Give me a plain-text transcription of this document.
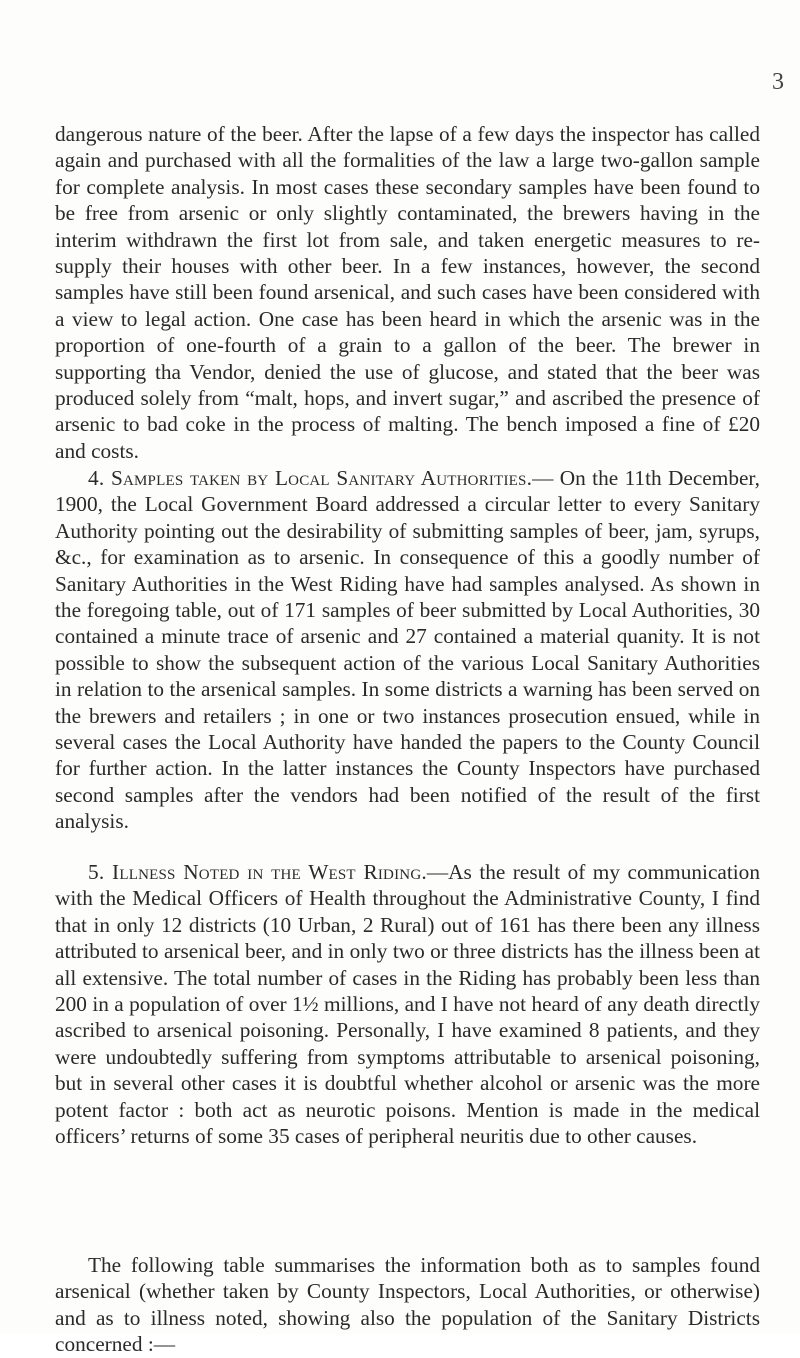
3

dangerous nature of the beer. After the lapse of a few days the inspector has called again and purchased with all the formalities of the law a large two-gallon sample for complete analysis. In most cases these secondary samples have been found to be free from arsenic or only slightly contaminated, the brewers having in the interim withdrawn the first lot from sale, and taken energetic measures to re-supply their houses with other beer. In a few instances, however, the second samples have still been found arsenical, and such cases have been considered with a view to legal action. One case has been heard in which the arsenic was in the proportion of one-fourth of a grain to a gallon of the beer. The brewer in supporting tha Vendor, denied the use of glucose, and stated that the beer was produced solely from “malt, hops, and invert sugar,” and ascribed the presence of arsenic to bad coke in the process of malting. The bench imposed a fine of £20 and costs.

4. Samples taken by Local Sanitary Authorities.— On the 11th December, 1900, the Local Government Board addressed a circular letter to every Sanitary Authority pointing out the desirability of submitting samples of beer, jam, syrups, &c., for examination as to arsenic. In consequence of this a goodly number of Sanitary Authorities in the West Riding have had samples analysed. As shown in the foregoing table, out of 171 samples of beer submitted by Local Authorities, 30 contained a minute trace of arsenic and 27 contained a material quanity. It is not possible to show the subsequent action of the various Local Sanitary Authorities in relation to the arsenical samples. In some districts a warning has been served on the brewers and retailers ; in one or two instances prosecution ensued, while in several cases the Local Authority have handed the papers to the County Council for further action. In the latter instances the County Inspectors have purchased second samples after the vendors had been notified of the result of the first analysis.

5. Illness Noted in the West Riding.—As the result of my communication with the Medical Officers of Health throughout the Administrative County, I find that in only 12 districts (10 Urban, 2 Rural) out of 161 has there been any illness attributed to arsenical beer, and in only two or three districts has the illness been at all extensive. The total number of cases in the Riding has probably been less than 200 in a population of over 1½ millions, and I have not heard of any death directly ascribed to arsenical poisoning. Personally, I have examined 8 patients, and they were undoubtedly suffering from symptoms attributable to arsenical poisoning, but in several other cases it is doubtful whether alcohol or arsenic was the more potent factor : both act as neurotic poisons. Mention is made in the medical officers’ returns of some 35 cases of peripheral neuritis due to other causes.

The following table summarises the information both as to samples found arsenical (whether taken by County Inspectors, Local Authorities, or otherwise) and as to illness noted, showing also the population of the Sanitary Districts concerned :—
